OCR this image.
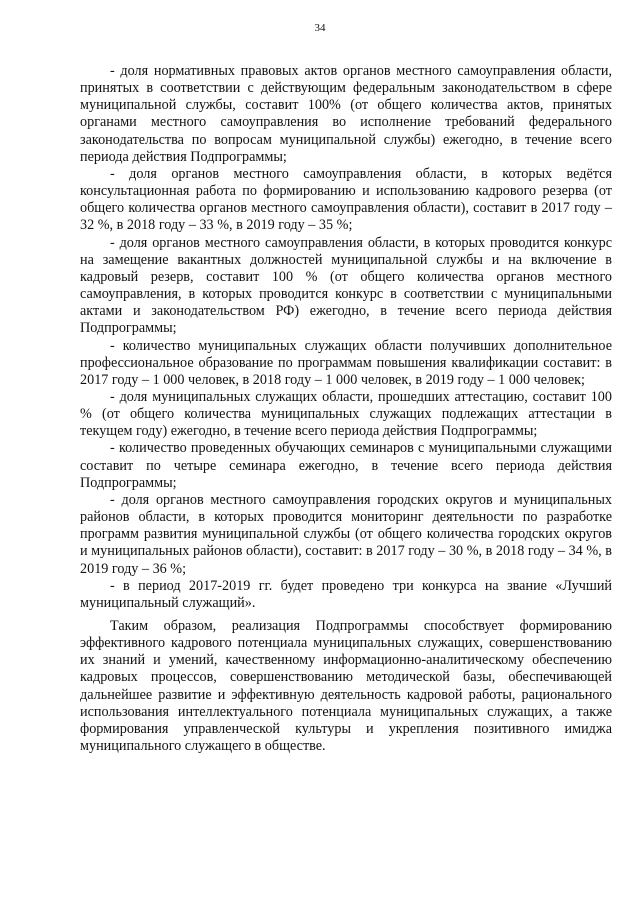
34

- доля нормативных правовых актов органов местного самоуправления области, принятых в соответствии с действующим федеральным законодательством в сфере муниципальной службы, составит 100% (от общего количества актов, принятых органами местного самоуправления во исполнение требований федерального законодательства по вопросам муниципальной службы) ежегодно, в течение всего периода действия Подпрограммы;

- доля органов местного самоуправления области, в которых ведётся консультационная работа по формированию и использованию кадрового резерва (от общего количества органов местного самоуправления области), составит в 2017 году – 32 %, в 2018 году – 33 %, в 2019 году – 35 %;

- доля органов местного самоуправления области, в которых проводится конкурс на замещение вакантных должностей муниципальной службы и на включение в кадровый резерв, составит 100 % (от общего количества органов местного самоуправления, в которых проводится конкурс в соответствии с муниципальными актами и законодательством РФ) ежегодно, в течение всего периода действия Подпрограммы;

- количество муниципальных служащих области получивших дополнительное профессиональное образование по программам повышения квалификации составит: в 2017 году – 1 000 человек, в 2018 году – 1 000 человек, в 2019 году – 1 000 человек;

- доля муниципальных служащих области, прошедших аттестацию, составит 100 % (от общего количества муниципальных служащих подлежащих аттестации в текущем году) ежегодно, в течение всего периода действия Подпрограммы;

- количество проведенных обучающих семинаров с муниципальными служащими составит по четыре семинара ежегодно, в течение всего периода действия Подпрограммы;

- доля органов местного самоуправления городских округов и муниципальных районов области, в которых проводится мониторинг деятельности по разработке программ развития муниципальной службы (от общего количества городских округов и муниципальных районов области), составит: в 2017 году – 30 %, в 2018 году – 34 %, в 2019 году – 36 %;

- в период 2017-2019 гг. будет проведено три конкурса на звание «Лучший муниципальный служащий».

Таким образом, реализация Подпрограммы способствует формированию эффективного кадрового потенциала муниципальных служащих, совершенствованию их знаний и умений, качественному информационно-аналитическому обеспечению кадровых процессов, совершенствованию методической базы, обеспечивающей дальнейшее развитие и эффективную деятельность кадровой работы, рационального использования интеллектуального потенциала муниципальных служащих, а также формирования управленческой культуры и укрепления позитивного имиджа муниципального служащего в обществе.
